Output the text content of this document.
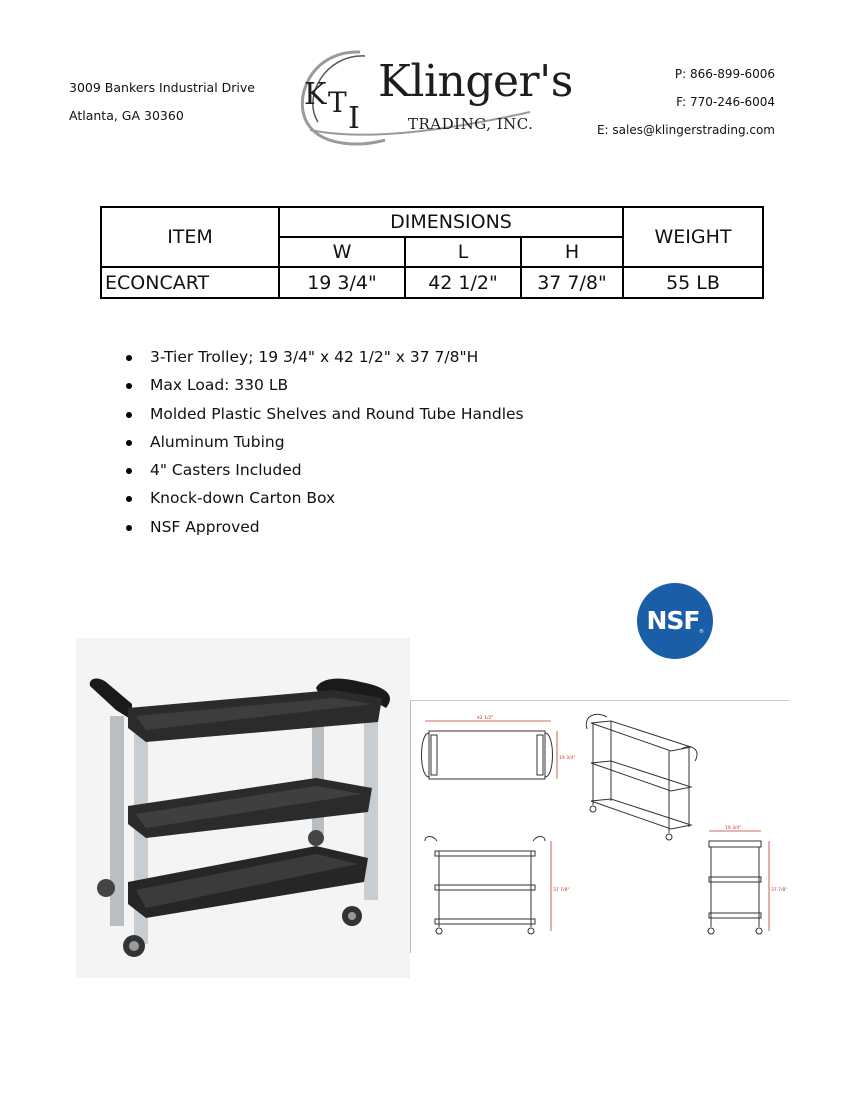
3009 Bankers Industrial Drive
Atlanta, GA 30360
K T I
Klinger's
TRADING, INC.
P: 866-899-6006
F: 770-246-6004
E: sales@klingerstrading.com
ITEM	DIMENSIONS			WEIGHT
	W	L	H	
ECONCART	19 3/4"	42 1/2"	37 7/8"	55 LB
3-Tier Trolley; 19 3/4" x 42 1/2" x 37 7/8"H
Max Load: 330 LB
Molded Plastic Shelves and Round Tube Handles
Aluminum Tubing
4" Casters Included
Knock-down Carton Box
NSF Approved
NSF ®
42 1/2"
19 3/4"
37 7/8"
19 3/4"
37 7/8"
